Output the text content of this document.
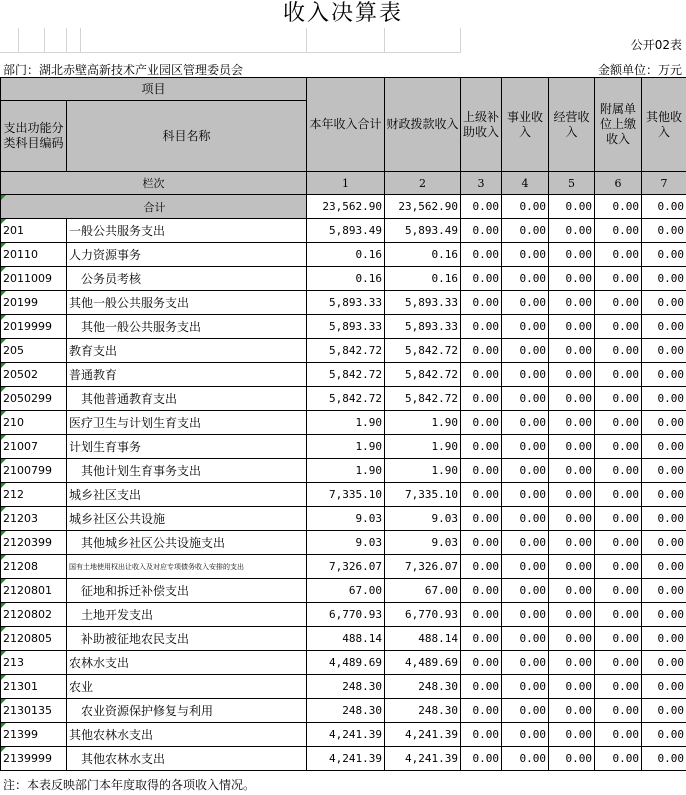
收入决算表
公开02表
部门：湖北赤壁高新技术产业园区管理委员会	金额单位：万元
项目		本年收入合计	财政拨款收入	上级补助收入	事业收入	经营收入	附属单位上缴收入	其他收入
支出功能分类科目编码	科目名称							
栏次		1	2	3	4	5	6	7
合计		23,562.90	23,562.90	0.00	0.00	0.00	0.00	0.00
201	一般公共服务支出	5,893.49	5,893.49	0.00	0.00	0.00	0.00	0.00
20110	人力资源事务	0.16	0.16	0.00	0.00	0.00	0.00	0.00
2011009	公务员考核	0.16	0.16	0.00	0.00	0.00	0.00	0.00
20199	其他一般公共服务支出	5,893.33	5,893.33	0.00	0.00	0.00	0.00	0.00
2019999	其他一般公共服务支出	5,893.33	5,893.33	0.00	0.00	0.00	0.00	0.00
205	教育支出	5,842.72	5,842.72	0.00	0.00	0.00	0.00	0.00
20502	普通教育	5,842.72	5,842.72	0.00	0.00	0.00	0.00	0.00
2050299	其他普通教育支出	5,842.72	5,842.72	0.00	0.00	0.00	0.00	0.00
210	医疗卫生与计划生育支出	1.90	1.90	0.00	0.00	0.00	0.00	0.00
21007	计划生育事务	1.90	1.90	0.00	0.00	0.00	0.00	0.00
2100799	其他计划生育事务支出	1.90	1.90	0.00	0.00	0.00	0.00	0.00
212	城乡社区支出	7,335.10	7,335.10	0.00	0.00	0.00	0.00	0.00
21203	城乡社区公共设施	9.03	9.03	0.00	0.00	0.00	0.00	0.00
2120399	其他城乡社区公共设施支出	9.03	9.03	0.00	0.00	0.00	0.00	0.00
21208	国有土地使用权出让收入及对应专项债务收入安排的支出	7,326.07	7,326.07	0.00	0.00	0.00	0.00	0.00
2120801	征地和拆迁补偿支出	67.00	67.00	0.00	0.00	0.00	0.00	0.00
2120802	土地开发支出	6,770.93	6,770.93	0.00	0.00	0.00	0.00	0.00
2120805	补助被征地农民支出	488.14	488.14	0.00	0.00	0.00	0.00	0.00
213	农林水支出	4,489.69	4,489.69	0.00	0.00	0.00	0.00	0.00
21301	农业	248.30	248.30	0.00	0.00	0.00	0.00	0.00
2130135	农业资源保护修复与利用	248.30	248.30	0.00	0.00	0.00	0.00	0.00
21399	其他农林水支出	4,241.39	4,241.39	0.00	0.00	0.00	0.00	0.00
2139999	其他农林水支出	4,241.39	4,241.39	0.00	0.00	0.00	0.00	0.00
注：本表反映部门本年度取得的各项收入情况。
